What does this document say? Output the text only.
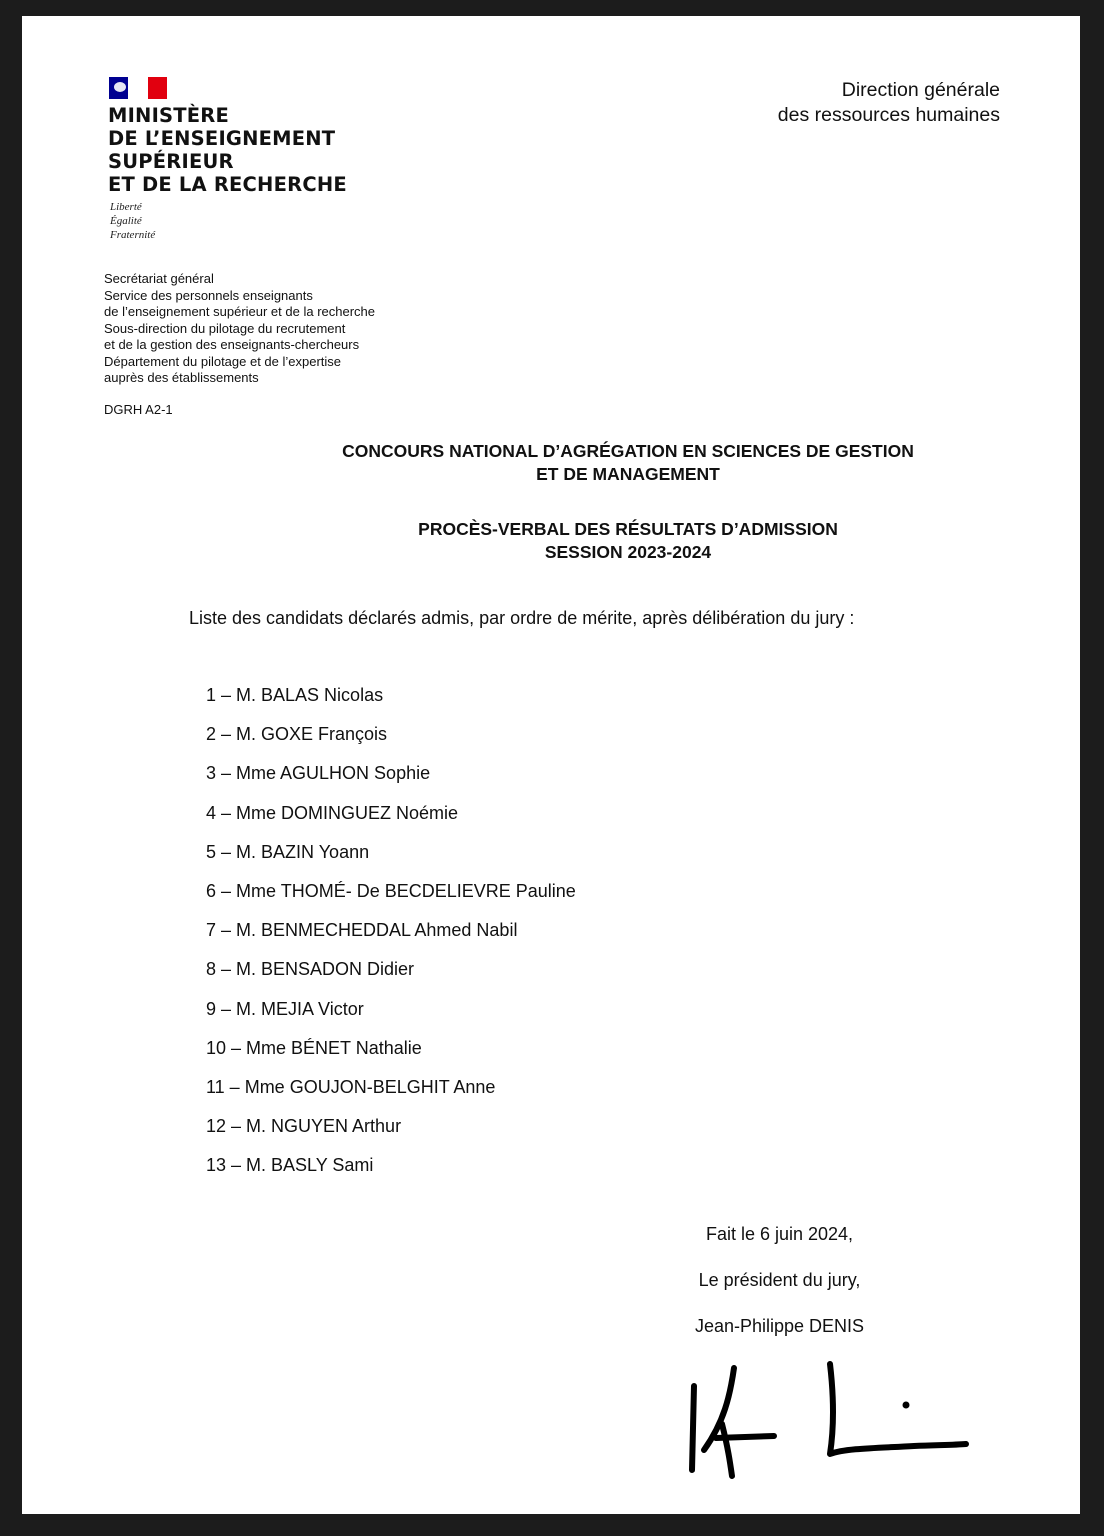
MINISTÈRE
DE L’ENSEIGNEMENT
SUPÉRIEUR
ET DE LA RECHERCHE
Liberté
Égalité
Fraternité
Direction générale
des ressources humaines
Secrétariat général
Service des personnels enseignants
de l’enseignement supérieur et de la recherche
Sous-direction du pilotage du recrutement
et de la gestion des enseignants-chercheurs
Département du pilotage et de l’expertise
auprès des établissements
DGRH A2-1
CONCOURS NATIONAL D’AGRÉGATION EN SCIENCES DE GESTION
ET DE MANAGEMENT
PROCÈS-VERBAL DES RÉSULTATS D’ADMISSION
SESSION 2023-2024
Liste des candidats déclarés admis, par ordre de mérite, après délibération du jury :
1 – M. BALAS Nicolas
2 – M. GOXE François
3 – Mme AGULHON Sophie
4 – Mme DOMINGUEZ Noémie
5 – M. BAZIN Yoann
6 – Mme THOMÉ- De BECDELIEVRE Pauline
7 – M. BENMECHEDDAL Ahmed Nabil
8 – M. BENSADON Didier
9 – M. MEJIA Victor
10 – Mme BÉNET Nathalie
11 – Mme GOUJON-BELGHIT Anne
12 – M. NGUYEN Arthur
13 – M. BASLY Sami
Fait le 6 juin 2024,
Le président du jury,
Jean-Philippe DENIS
